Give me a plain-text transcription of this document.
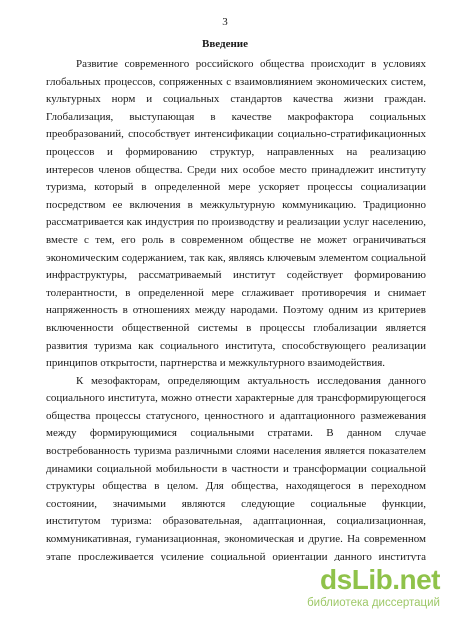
3
Введение
Развитие современного российского общества происходит в условиях
глобальных процессов, сопряженных с взаимовлиянием экономических систем,
культурных норм и социальных стандартов качества жизни граждан.
Глобализация, выступающая в качестве макрофактора социальных
преобразований, способствует интенсификации социально-стратификационных
процессов и формированию структур, направленных на реализацию
интересов членов общества. Среди них особое место принадлежит институту
туризма, который в определенной мере ускоряет процессы социализации
посредством ее включения в межкультурную коммуникацию. Традиционно
рассматривается как индустрия по производству и реализации услуг населению,
вместе с тем, его роль в современном обществе не может ограничиваться
экономическим содержанием, так как, являясь ключевым элементом социальной
инфраструктуры, рассматриваемый институт содействует формированию
толерантности, в определенной мере сглаживает противоречия и снимает
напряженность в отношениях между народами. Поэтому одним из критериев
включенности общественной системы в процессы глобализации является
развития туризма как социального института, способствующего реализации
принципов открытости, партнерства и межкультурного взаимодействия.
К мезофакторам, определяющим актуальность исследования данного
социального института, можно отнести характерные для трансформирующегося
общества процессы статусного, ценностного и адаптационного размежевания
между формирующимися социальными стратами. В данном случае
востребованность туризма различными слоями населения является показателем
динамики социальной мобильности в частности и трансформации социальной
структуры общества в целом. Для общества, находящегося в переходном
состоянии, значимыми являются следующие социальные функции,
институтом туризма: образовательная, адаптационная, социализационная,
коммуникативная, гуманизационная, экономическая и другие. На современном
этапе прослеживается усиление социальной ориентации данного института
dsLib.net
библиотека диссертаций
